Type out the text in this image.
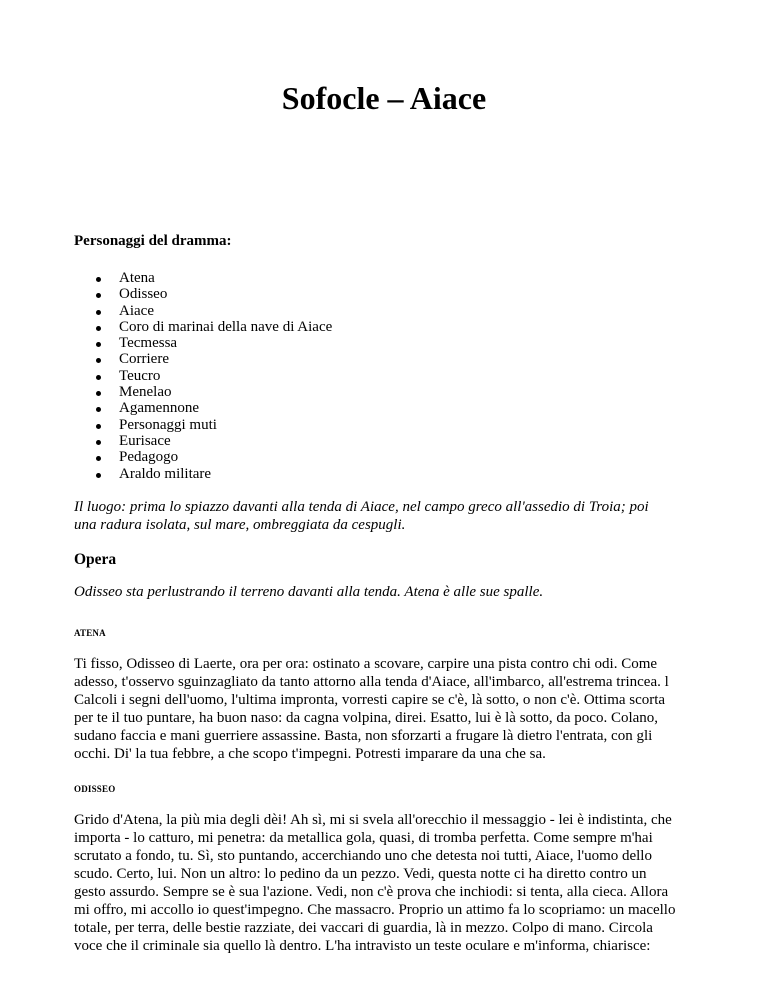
Sofocle – Aiace

Personaggi del dramma:

Atena
Odisseo
Aiace
Coro di marinai della nave di Aiace
Tecmessa
Corriere
Teucro
Menelao
Agamennone
Personaggi muti
Eurisace
Pedagogo
Araldo militare

Il luogo: prima lo spiazzo davanti alla tenda di Aiace, nel campo greco all'assedio di Troia; poi
una radura isolata, sul mare, ombreggiata da cespugli.

Opera

Odisseo sta perlustrando il terreno davanti alla tenda. Atena è alle sue spalle.

ATENA

Ti fisso, Odisseo di Laerte, ora per ora: ostinato a scovare, carpire una pista contro chi odi. Come
adesso, t'osservo sguinzagliato da tanto attorno alla tenda d'Aiace, all'imbarco, all'estrema trincea. l
Calcoli i segni dell'uomo, l'ultima impronta, vorresti capire se c'è, là sotto, o non c'è. Ottima scorta
per te il tuo puntare, ha buon naso: da cagna volpina, direi. Esatto, lui è là sotto, da poco. Colano,
sudano faccia e mani guerriere assassine. Basta, non sforzarti a frugare là dietro l'entrata, con gli
occhi. Di' la tua febbre, a che scopo t'impegni. Potresti imparare da una che sa.

ODISSEO

Grido d'Atena, la più mia degli dèi! Ah sì, mi si svela all'orecchio il messaggio - lei è indistinta, che
importa - lo catturo, mi penetra: da metallica gola, quasi, di tromba perfetta. Come sempre m'hai
scrutato a fondo, tu. Sì, sto puntando, accerchiando uno che detesta noi tutti, Aiace, l'uomo dello
scudo. Certo, lui. Non un altro: lo pedino da un pezzo. Vedi, questa notte ci ha diretto contro un
gesto assurdo. Sempre se è sua l'azione. Vedi, non c'è prova che inchiodi: si tenta, alla cieca. Allora
mi offro, mi accollo io quest'impegno. Che massacro. Proprio un attimo fa lo scopriamo: un macello
totale, per terra, delle bestie razziate, dei vaccari di guardia, là in mezzo. Colpo di mano. Circola
voce che il criminale sia quello là dentro. L'ha intravisto un teste oculare e m'informa, chiarisce:
